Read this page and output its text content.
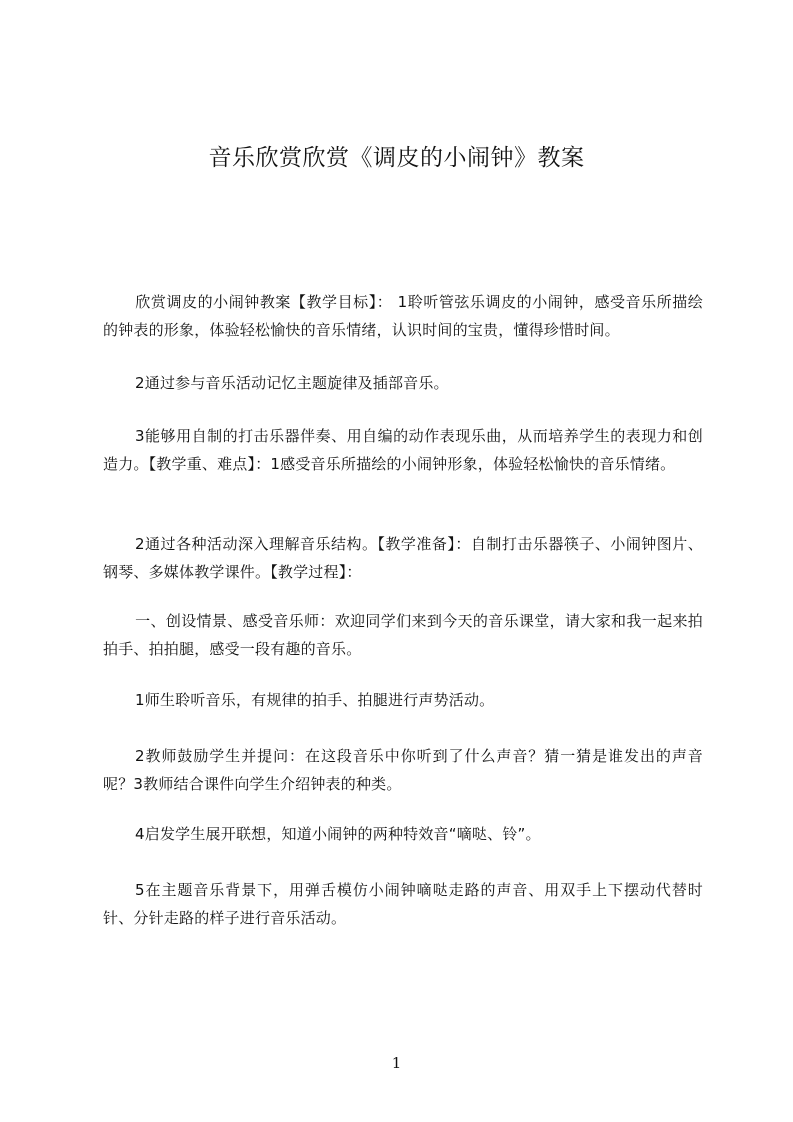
音乐欣赏欣赏《调皮的小闹钟》教案
欣赏调皮的小闹钟教案【教学目标】： 1聆听管弦乐调皮的小闹钟，感受音乐所描绘的钟表的形象，体验轻松愉快的音乐情绪，认识时间的宝贵，懂得珍惜时间。
2通过参与音乐活动记忆主题旋律及插部音乐。
3能够用自制的打击乐器伴奏、用自编的动作表现乐曲，从而培养学生的表现力和创造力。【教学重、难点】：1感受音乐所描绘的小闹钟形象，体验轻松愉快的音乐情绪。
2通过各种活动深入理解音乐结构。【教学准备】：自制打击乐器筷子、小闹钟图片、钢琴、多媒体教学课件。【教学过程】：
一、创设情景、感受音乐师：欢迎同学们来到今天的音乐课堂，请大家和我一起来拍拍手、拍拍腿，感受一段有趣的音乐。
1师生聆听音乐，有规律的拍手、拍腿进行声势活动。
2教师鼓励学生并提问：在这段音乐中你听到了什么声音？猜一猜是谁发出的声音呢？3教师结合课件向学生介绍钟表的种类。
4启发学生展开联想，知道小闹钟的两种特效音“嘀哒、铃”。
5在主题音乐背景下，用弹舌模仿小闹钟嘀哒走路的声音、用双手上下摆动代替时针、分针走路的样子进行音乐活动。
1
